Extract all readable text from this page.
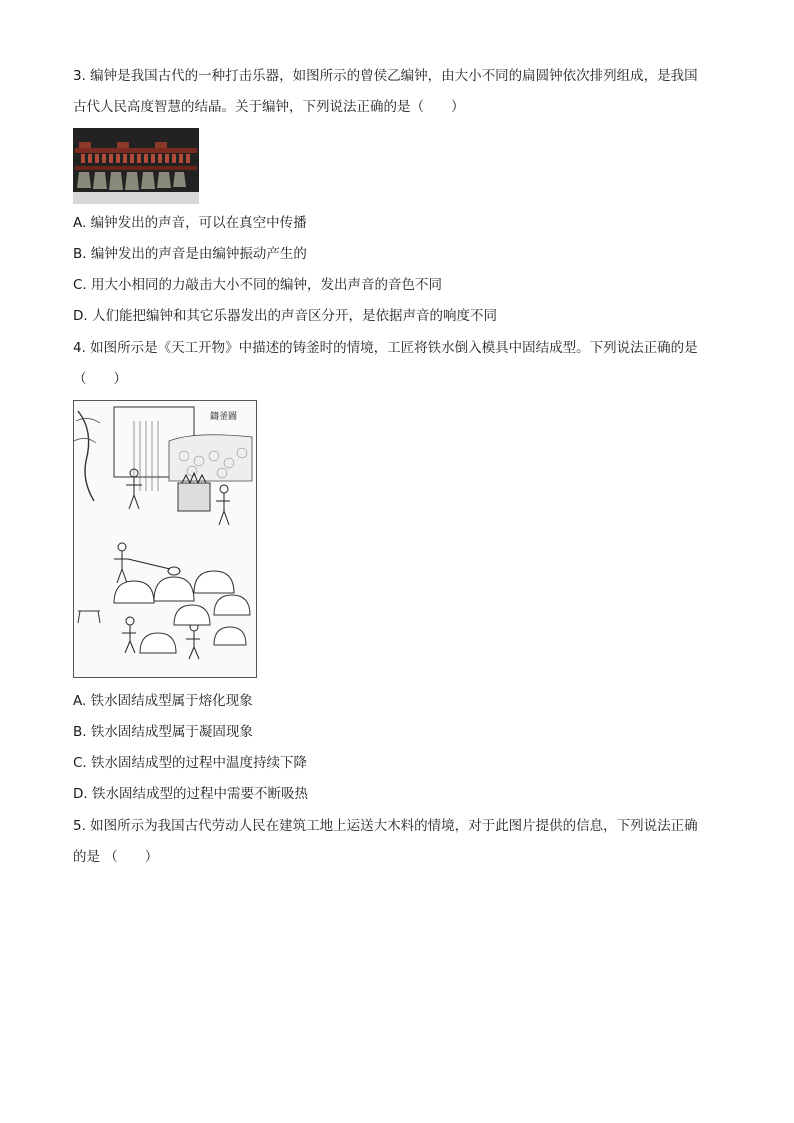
3. 编钟是我国古代的一种打击乐器，如图所示的曾侯乙编钟，由大小不同的扁圆钟依次排列组成，是我国
古代人民高度智慧的结晶。关于编钟，下列说法正确的是（　　）
A. 编钟发出的声音，可以在真空中传播
B. 编钟发出的声音是由编钟振动产生的
C. 用大小相同的力敲击大小不同的编钟，发出声音的音色不同
D. 人们能把编钟和其它乐器发出的声音区分开，是依据声音的响度不同
4. 如图所示是《天工开物》中描述的铸釜时的情境，工匠将铁水倒入模具中固结成型。下列说法正确的是
（　　）
鑄釜圖
A. 铁水固结成型属于熔化现象
B. 铁水固结成型属于凝固现象
C. 铁水固结成型的过程中温度持续下降
D. 铁水固结成型的过程中需要不断吸热
5. 如图所示为我国古代劳动人民在建筑工地上运送大木料的情境，对于此图片提供的信息，下列说法正确
的是 （　　）
